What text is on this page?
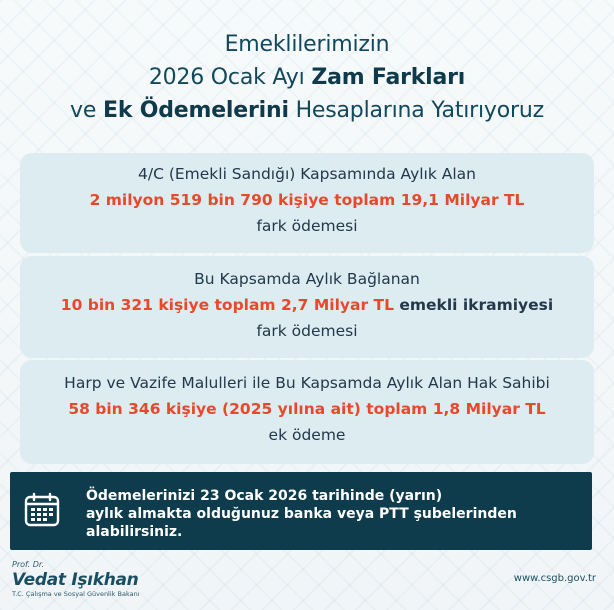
Emeklilerimizin
2026 Ocak Ayı Zam Farkları
ve Ek Ödemelerini Hesaplarına Yatırıyoruz
4/C (Emekli Sandığı) Kapsamında Aylık Alan
2 milyon 519 bin 790 kişiye toplam 19,1 Milyar TL
fark ödemesi
Bu Kapsamda Aylık Bağlanan
10 bin 321 kişiye toplam 2,7 Milyar TL emekli ikramiyesi
fark ödemesi
Harp ve Vazife Malulleri ile Bu Kapsamda Aylık Alan Hak Sahibi
58 bin 346 kişiye (2025 yılına ait) toplam 1,8 Milyar TL
ek ödeme
Ödemelerinizi 23 Ocak 2026 tarihinde (yarın)
aylık almakta olduğunuz banka veya PTT şubelerinden
alabilirsiniz.
Prof. Dr.
Vedat Işıkhan
T.C. Çalışma ve Sosyal Güvenlik Bakanı
www.csgb.gov.tr
